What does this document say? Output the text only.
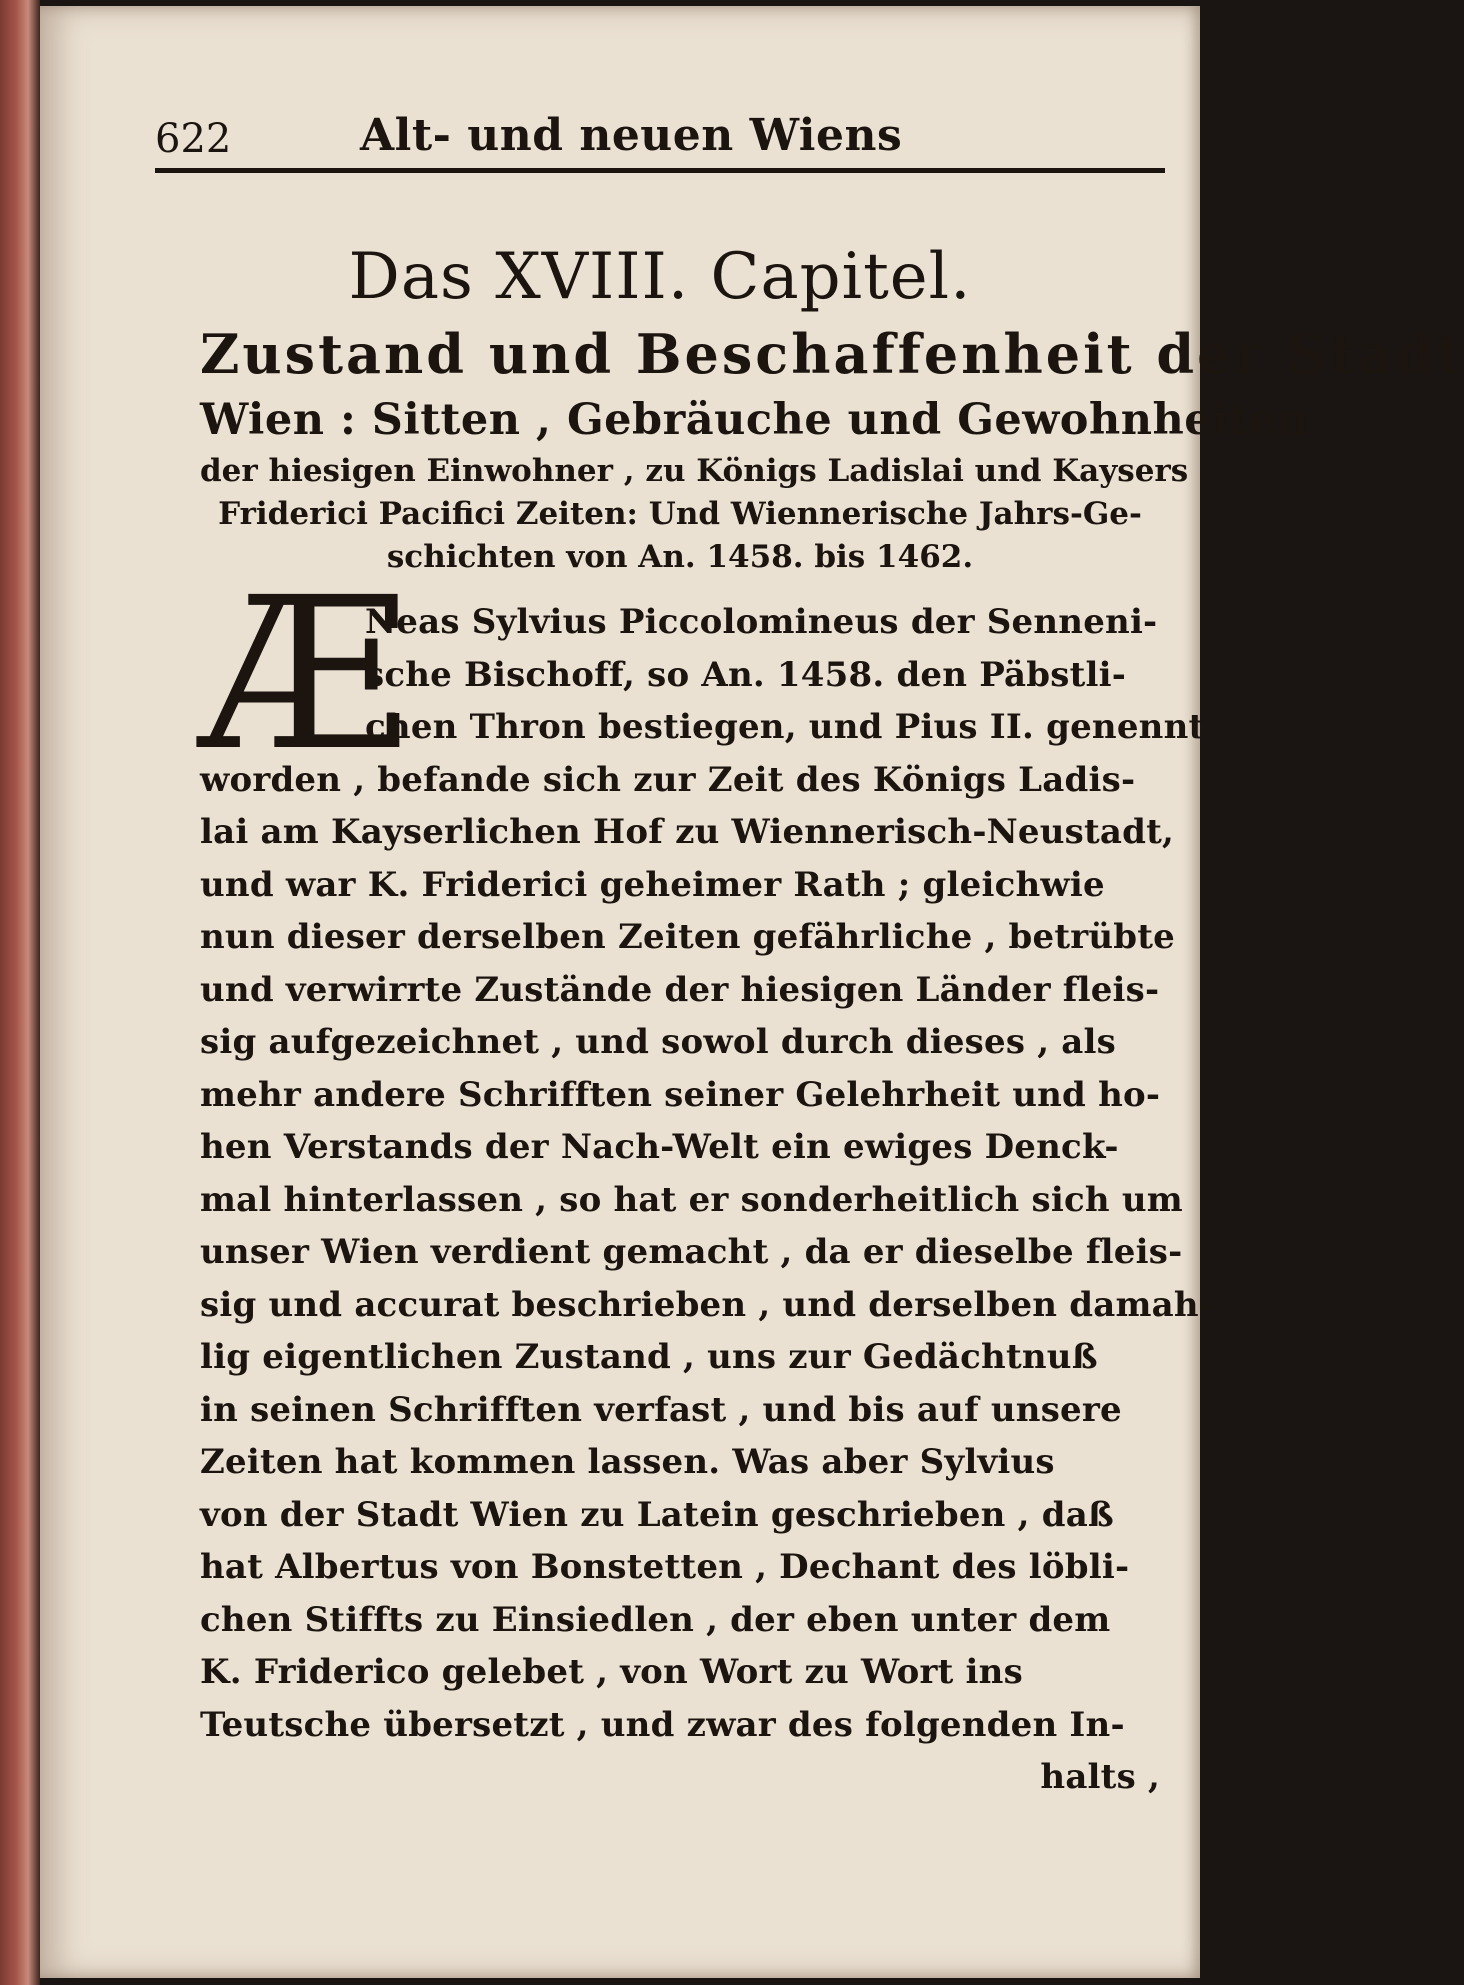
622	Alt- und neuen Wiens
Das XVIII. Capitel.
Zustand und Beschaffenheit der Stadt
Wien : Sitten , Gebräuche und Gewohnheiten
der hiesigen Einwohner , zu Königs Ladislai und Kaysers
Friderici Pacifici Zeiten: Und Wiennerische Jahrs-Ge-
schichten von An. 1458. bis 1462.
Æ
Neas Sylvius Piccolomineus der Senneni-
sche Bischoff, so An. 1458. den Päbstli-
chen Thron bestiegen, und Pius II. genennt
worden , befande sich zur Zeit des Königs Ladis-
lai am Kayserlichen Hof zu Wiennerisch-Neustadt,
und war K. Friderici geheimer Rath ; gleichwie
nun dieser derselben Zeiten gefährliche , betrübte
und verwirrte Zustände der hiesigen Länder fleis-
sig aufgezeichnet , und sowol durch dieses , als
mehr andere Schrifften seiner Gelehrheit und ho-
hen Verstands der Nach-Welt ein ewiges Denck-
mal hinterlassen , so hat er sonderheitlich sich um
unser Wien verdient gemacht , da er dieselbe fleis-
sig und accurat beschrieben , und derselben damah-
lig eigentlichen Zustand , uns zur Gedächtnuß
in seinen Schrifften verfast , und bis auf unsere
Zeiten hat kommen lassen. Was aber Sylvius
von der Stadt Wien zu Latein geschrieben , daß
hat Albertus von Bonstetten , Dechant des löbli-
chen Stiffts zu Einsiedlen , der eben unter dem
K. Friderico gelebet , von Wort zu Wort ins
Teutsche übersetzt , und zwar des folgenden In-
halts ,
